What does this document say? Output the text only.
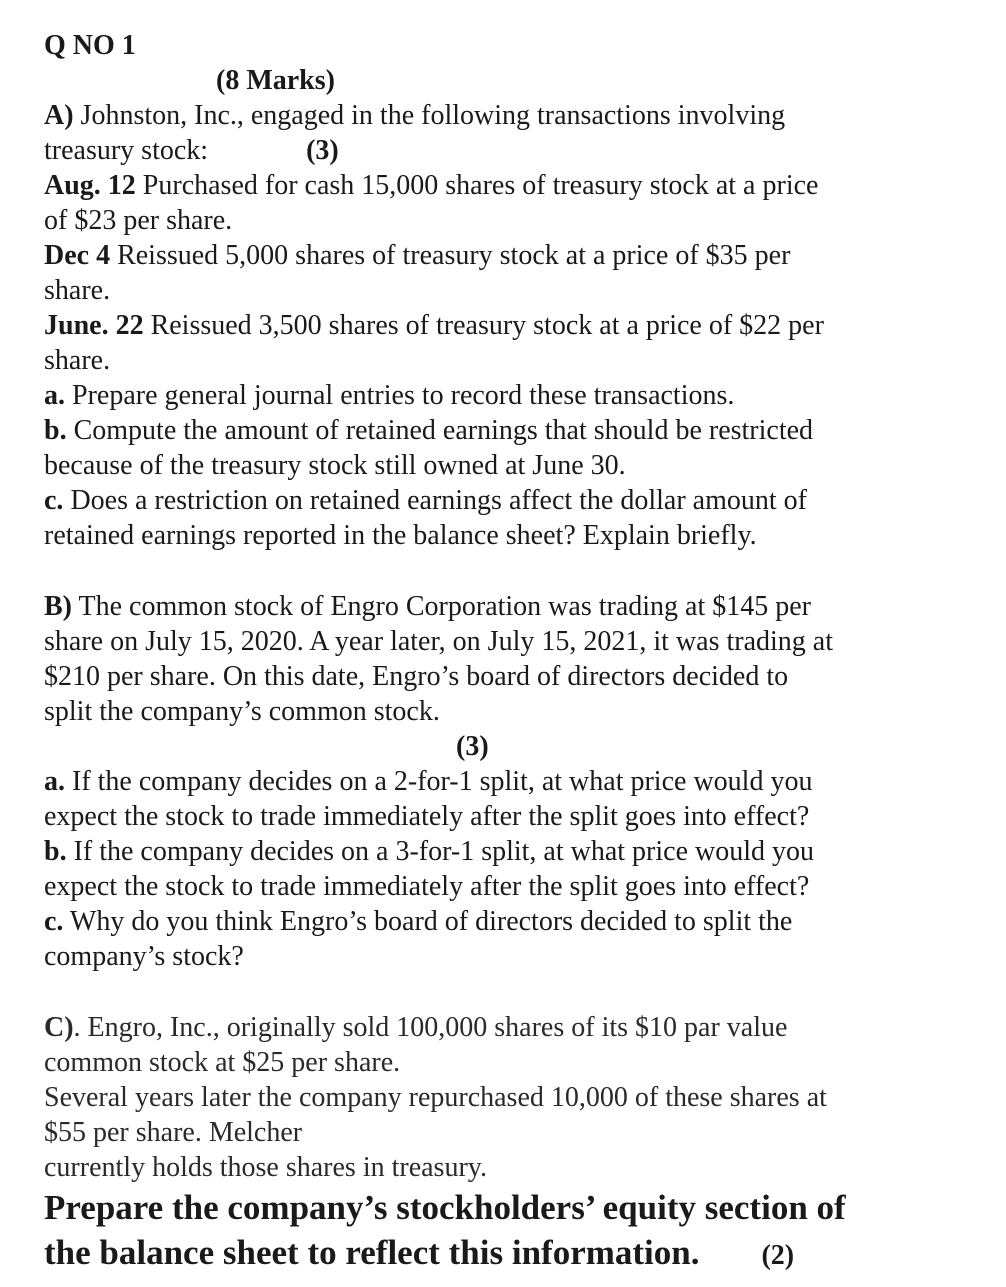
Q NO 1
(8 Marks)

A) Johnston, Inc., engaged in the following transactions involving

treasury stock:	(3)

Aug. 12 Purchased for cash 15,000 shares of treasury stock at a price

of $23 per share.

Dec 4 Reissued 5,000 shares of treasury stock at a price of $35 per

share.

June. 22 Reissued 3,500 shares of treasury stock at a price of $22 per

share.

a. Prepare general journal entries to record these transactions.

b. Compute the amount of retained earnings that should be restricted

because of the treasury stock still owned at June 30.

c. Does a restriction on retained earnings affect the dollar amount of

retained earnings reported in the balance sheet? Explain briefly.

B) The common stock of Engro Corporation was trading at $145 per

share on July 15, 2020. A year later, on July 15, 2021, it was trading at

$210 per share. On this date, Engro’s board of directors decided to

split the company’s common stock.

(3)

a. If the company decides on a 2-for-1 split, at what price would you

expect the stock to trade immediately after the split goes into effect?

b. If the company decides on a 3-for-1 split, at what price would you

expect the stock to trade immediately after the split goes into effect?

c. Why do you think Engro’s board of directors decided to split the

company’s stock?

C). Engro, Inc., originally sold 100,000 shares of its $10 par value

common stock at $25 per share.

Several years later the company repurchased 10,000 of these shares at

$55 per share. Melcher

currently holds those shares in treasury.

Prepare the company’s stockholders’ equity section of
the balance sheet to reflect this information. (2)
